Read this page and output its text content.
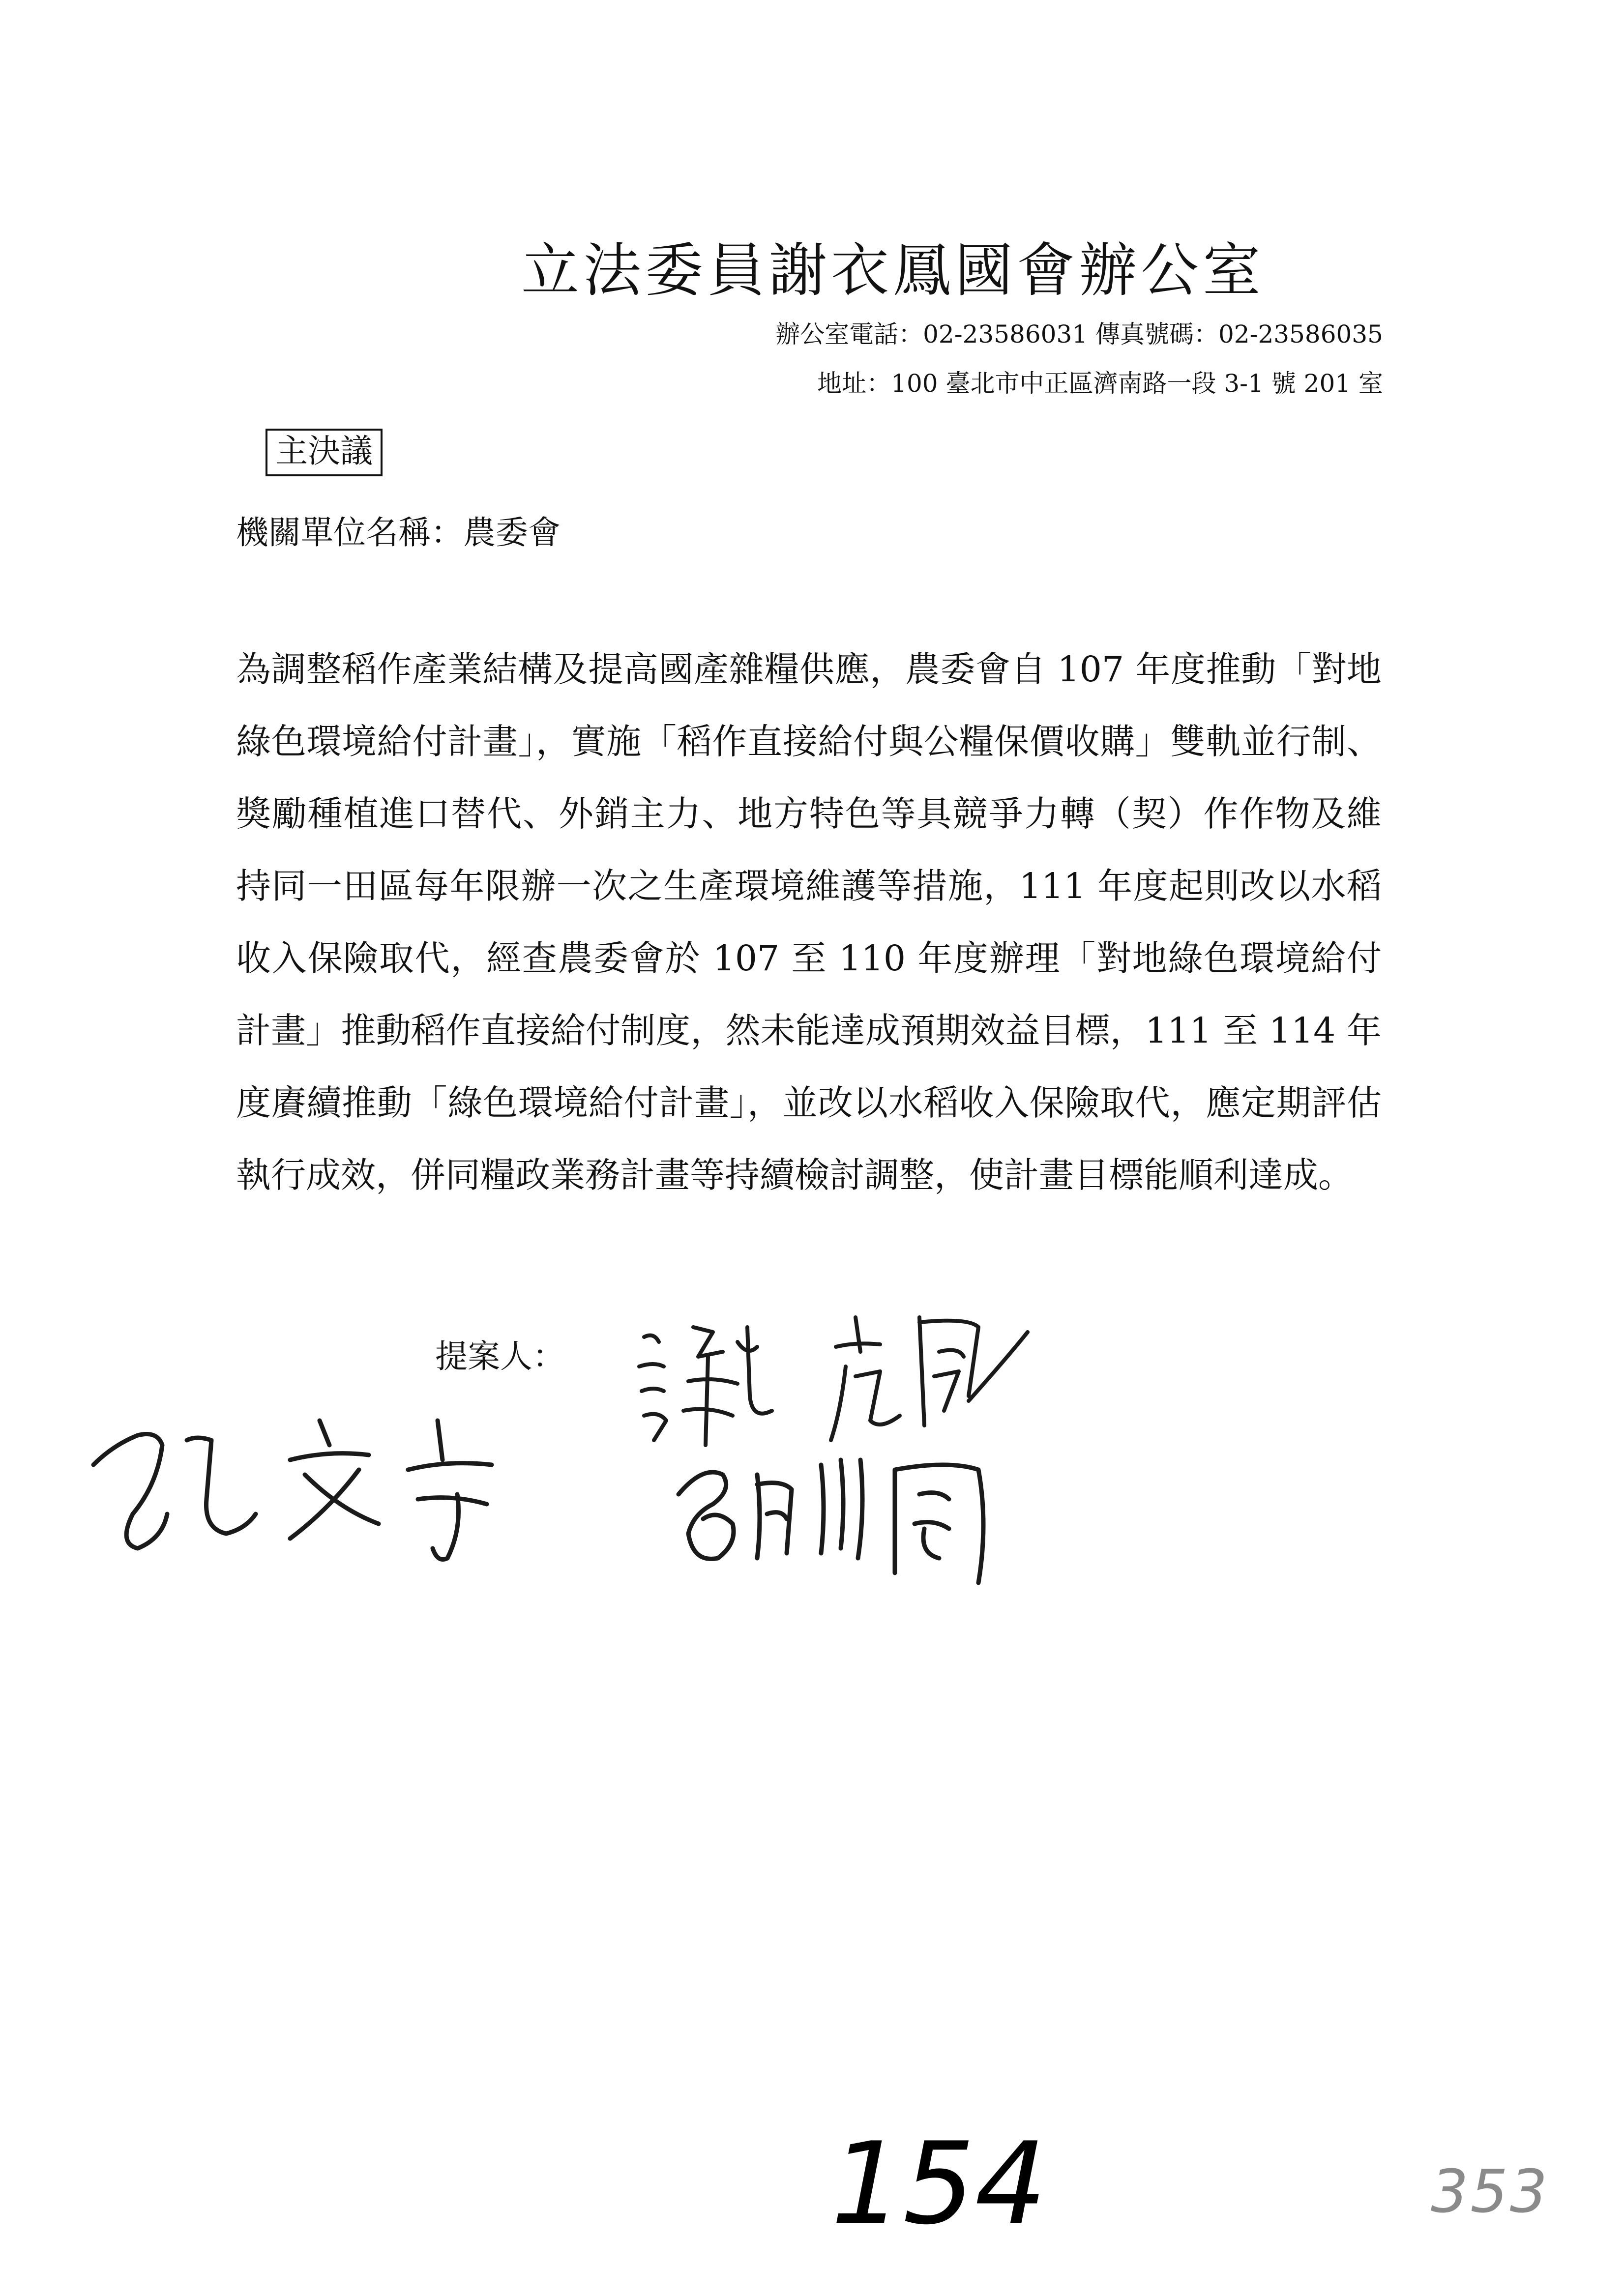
立法委員謝衣鳳國會辦公室
辦公室電話：02-23586031 傳真號碼：02-23586035
地址：100 臺北市中正區濟南路一段 3-1 號 201 室
主決議
機關單位名稱：農委會

為調整稻作產業結構及提高國產雜糧供應，農委會自 107 年度推動「對地綠色環境給付計畫」，實施「稻作直接給付與公糧保價收購」雙軌並行制、獎勵種植進口替代、外銷主力、地方特色等具競爭力轉（契）作作物及維持同一田區每年限辦一次之生產環境維護等措施，111 年度起則改以水稻收入保險取代，經查農委會於 107 至 110 年度辦理「對地綠色環境給付計畫」推動稻作直接給付制度，然未能達成預期效益目標，111 至 114 年度賡續推動「綠色環境給付計畫」，並改以水稻收入保險取代，應定期評估執行成效，併同糧政業務計畫等持續檢討調整，使計畫目標能順利達成。

提案人：
154	353
